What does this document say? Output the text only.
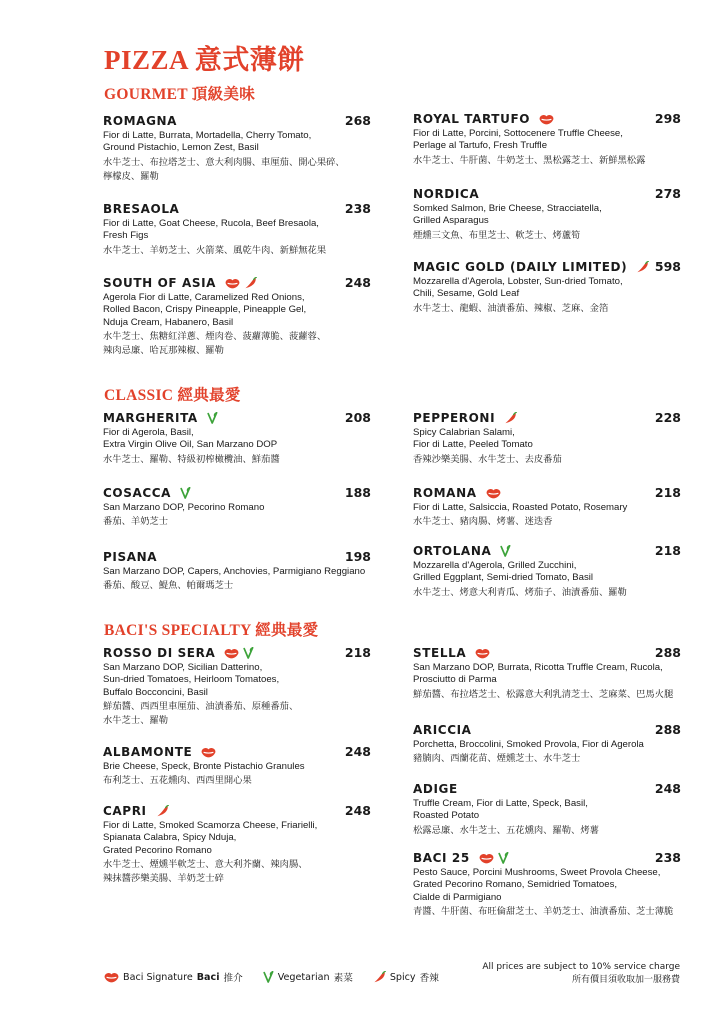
PIZZA 意式薄餅
GOURMET 頂級美味
CLASSIC 經典最愛
BACI'S SPECIALTY 經典最愛
ROMAGNA	268
Fior di Latte, Burrata, Mortadella, Cherry Tomato,
Ground Pistachio, Lemon Zest, Basil
水牛芝士、布拉塔芝士、意大利肉腸、車厘茄、開心果碎、
檸檬皮、羅勒
BRESAOLA	238
Fior di Latte, Goat Cheese, Rucola, Beef Bresaola,
Fresh Figs
水牛芝士、羊奶芝士、火箭菜、風乾牛肉、新鮮無花果
SOUTH OF ASIA	248
Agerola Fior di Latte, Caramelized Red Onions,
Rolled Bacon, Crispy Pineapple, Pineapple Gel,
Nduja Cream, Habanero, Basil
水牛芝士、焦糖紅洋蔥、煙肉卷、菠蘿薄脆、菠蘿蓉、
辣肉忌廉、哈瓦那辣椒、羅勒
ROYAL TARTUFO	298
Fior di Latte, Porcini, Sottocenere Truffle Cheese,
Perlage al Tartufo, Fresh Truffle
水牛芝士、牛肝菌、牛奶芝士、黑松露芝士、新鮮黑松露
NORDICA	278
Somked Salmon, Brie Cheese, Stracciatella,
Grilled Asparagus
煙燻三文魚、布里芝士、軟芝士、烤蘆筍
MAGIC GOLD (DAILY LIMITED) 598
Mozzarella d'Agerola, Lobster, Sun-dried Tomato,
Chili, Sesame, Gold Leaf
水牛芝士、龍蝦、油漬番茄、辣椒、芝麻、金箔
MARGHERITA	208
Fior di Agerola, Basil,
Extra Virgin Olive Oil, San Marzano DOP
水牛芝士、羅勒、特級初榨橄欖油、鮮茄醬
COSACCA	188
San Marzano DOP, Pecorino Romano
番茄、羊奶芝士
PISANA	198
San Marzano DOP, Capers, Anchovies, Parmigiano Reggiano
番茄、酸豆、鯷魚、帕爾瑪芝士
PEPPERONI	228
Spicy Calabrian Salami,
Fior di Latte, Peeled Tomato
香辣沙樂美腸、水牛芝士、去皮番茄
ROMANA	218
Fior di Latte, Salsiccia, Roasted Potato, Rosemary
水牛芝士、豬肉腸、烤薯、迷迭香
ORTOLANA	218
Mozzarella d'Agerola, Grilled Zucchini,
Grilled Eggplant, Semi-dried Tomato, Basil
水牛芝士、烤意大利青瓜、烤茄子、油漬番茄、羅勒
ROSSO DI SERA	218
San Marzano DOP, Sicilian Datterino,
Sun-dried Tomatoes, Heirloom Tomatoes,
Buffalo Bocconcini, Basil
鮮茄醬、西西里車厘茄、油漬番茄、原種番茄、
水牛芝士、羅勒
ALBAMONTE	248
Brie Cheese, Speck, Bronte Pistachio Granules
布利芝士、五花燻肉、西西里開心果
CAPRI	248
Fior di Latte, Smoked Scamorza Cheese, Friarielli,
Spianata Calabra, Spicy Nduja,
Grated Pecorino Romano
水牛芝士、煙燻半軟芝士、意大利芥蘭、辣肉腸、
辣抹醬莎樂美腸、羊奶芝士碎
STELLA	288
San Marzano DOP, Burrata, Ricotta Truffle Cream, Rucola,
Prosciutto di Parma
鮮茄醬、布拉塔芝士、松露意大利乳清芝士、芝麻菜、巴馬火腿
ARICCIA	288
Porchetta, Broccolini, Smoked Provola, Fior di Agerola
豬腩肉、西蘭花苗、煙燻芝士、水牛芝士
ADIGE	248
Truffle Cream, Fior di Latte, Speck, Basil,
Roasted Potato
松露忌廉、水牛芝士、五花燻肉、羅勒、烤薯
BACI 25	238
Pesto Sauce, Porcini Mushrooms, Sweet Provola Cheese,
Grated Pecorino Romano, Semidried Tomatoes,
Cialde di Parmigiano
青醬、牛肝菌、布旺倫甜芝士、羊奶芝士、油漬番茄、芝士薄脆
Baci Signature Baci 推介	Vegetarian 素菜	Spicy 香辣
All prices are subject to 10% service charge
所有價目須收取加一服務費
